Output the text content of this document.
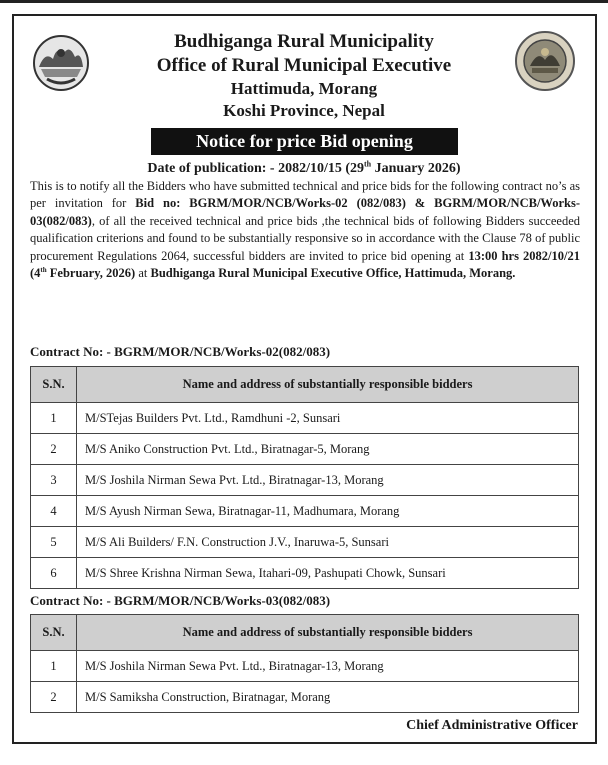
Budhiganga Rural Municipality
Office of Rural Municipal Executive
Hattimuda, Morang
Koshi Province, Nepal
Notice for price Bid opening
Date of publication: - 2082/10/15 (29th January 2026)
This is to notify all the Bidders who have submitted technical and price bids for the following contract no’s as per invitation for Bid no: BGRM/MOR/NCB/Works-02 (082/083) & BGRM/MOR/NCB/Works-03(082/083), of all the received technical and price bids ,the technical bids of following Bidders succeeded qualification criterions and found to be substantially responsive so in accordance with the Clause 78 of public procurement Regulations 2064, successful bidders are invited to price bid opening at 13:00 hrs 2082/10/21 (4th February, 2026) at Budhiganga Rural Municipal Executive Office, Hattimuda, Morang.
Contract No: - BGRM/MOR/NCB/Works-02(082/083)
S.N.	Name and address of substantially responsible bidders
1	M/STejas Builders Pvt. Ltd., Ramdhuni -2, Sunsari
2	M/S Aniko Construction Pvt. Ltd., Biratnagar-5, Morang
3	M/S Joshila Nirman Sewa Pvt. Ltd., Biratnagar-13, Morang
4	M/S Ayush Nirman Sewa, Biratnagar-11, Madhumara, Morang
5	M/S Ali Builders/ F.N. Construction J.V., Inaruwa-5, Sunsari
6	M/S Shree Krishna Nirman Sewa, Itahari-09, Pashupati Chowk, Sunsari
Contract No: - BGRM/MOR/NCB/Works-03(082/083)
S.N.	Name and address of substantially responsible bidders
1	M/S Joshila Nirman Sewa Pvt. Ltd., Biratnagar-13, Morang
2	M/S Samiksha Construction, Biratnagar, Morang
Chief Administrative Officer
